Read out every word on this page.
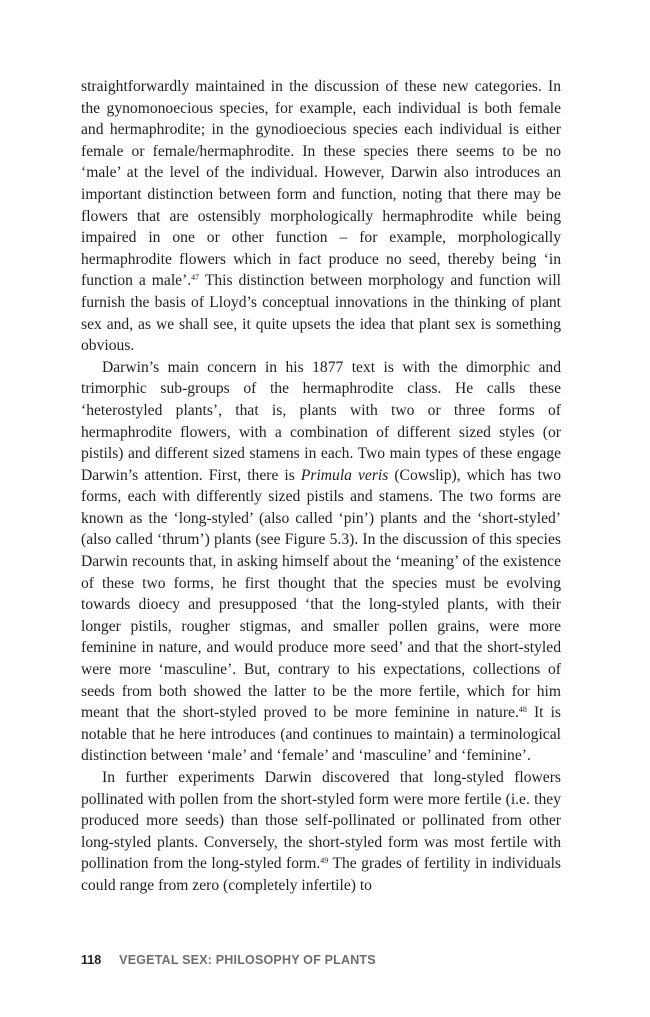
straightforwardly maintained in the discussion of these new categories. In the gynomonoecious species, for example, each individual is both female and hermaphrodite; in the gynodioecious species each individual is either female or female/hermaphrodite. In these species there seems to be no ‘male’ at the level of the individual. However, Darwin also introduces an important distinction between form and function, noting that there may be flowers that are ostensibly morphologically hermaphrodite while being impaired in one or other function – for example, morphologically hermaphrodite flowers which in fact produce no seed, thereby being ‘in function a male’.$^{47}$ This distinction between morphology and function will furnish the basis of Lloyd’s conceptual innovations in the thinking of plant sex and, as we shall see, it quite upsets the idea that plant sex is something obvious.

Darwin’s main concern in his 1877 text is with the dimorphic and trimorphic sub-groups of the hermaphrodite class. He calls these ‘heterostyled plants’, that is, plants with two or three forms of hermaphrodite flowers, with a combination of different sized styles (or pistils) and different sized stamens in each. Two main types of these engage Darwin’s attention. First, there is Primula veris (Cowslip), which has two forms, each with differently sized pistils and stamens. The two forms are known as the ‘long-styled’ (also called ‘pin’) plants and the ‘short-styled’ (also called ‘thrum’) plants (see Figure 5.3). In the discussion of this species Darwin recounts that, in asking himself about the ‘meaning’ of the existence of these two forms, he first thought that the species must be evolving towards dioecy and presupposed ‘that the long-styled plants, with their longer pistils, rougher stigmas, and smaller pollen grains, were more feminine in nature, and would produce more seed’ and that the short-styled were more ‘masculine’. But, contrary to his expectations, collections of seeds from both showed the latter to be the more fertile, which for him meant that the short-styled proved to be more feminine in nature.$^{48}$ It is notable that he here introduces (and continues to maintain) a terminological distinction between ‘male’ and ‘female’ and ‘masculine’ and ‘feminine’.

In further experiments Darwin discovered that long-styled flowers pollinated with pollen from the short-styled form were more fertile (i.e. they produced more seeds) than those self-pollinated or pollinated from other long-styled plants. Conversely, the short-styled form was most fertile with pollination from the long-styled form.$^{49}$ The grades of fertility in individuals could range from zero (completely infertile) to

118 VEGETAL SEX: PHILOSOPHY OF PLANTS
